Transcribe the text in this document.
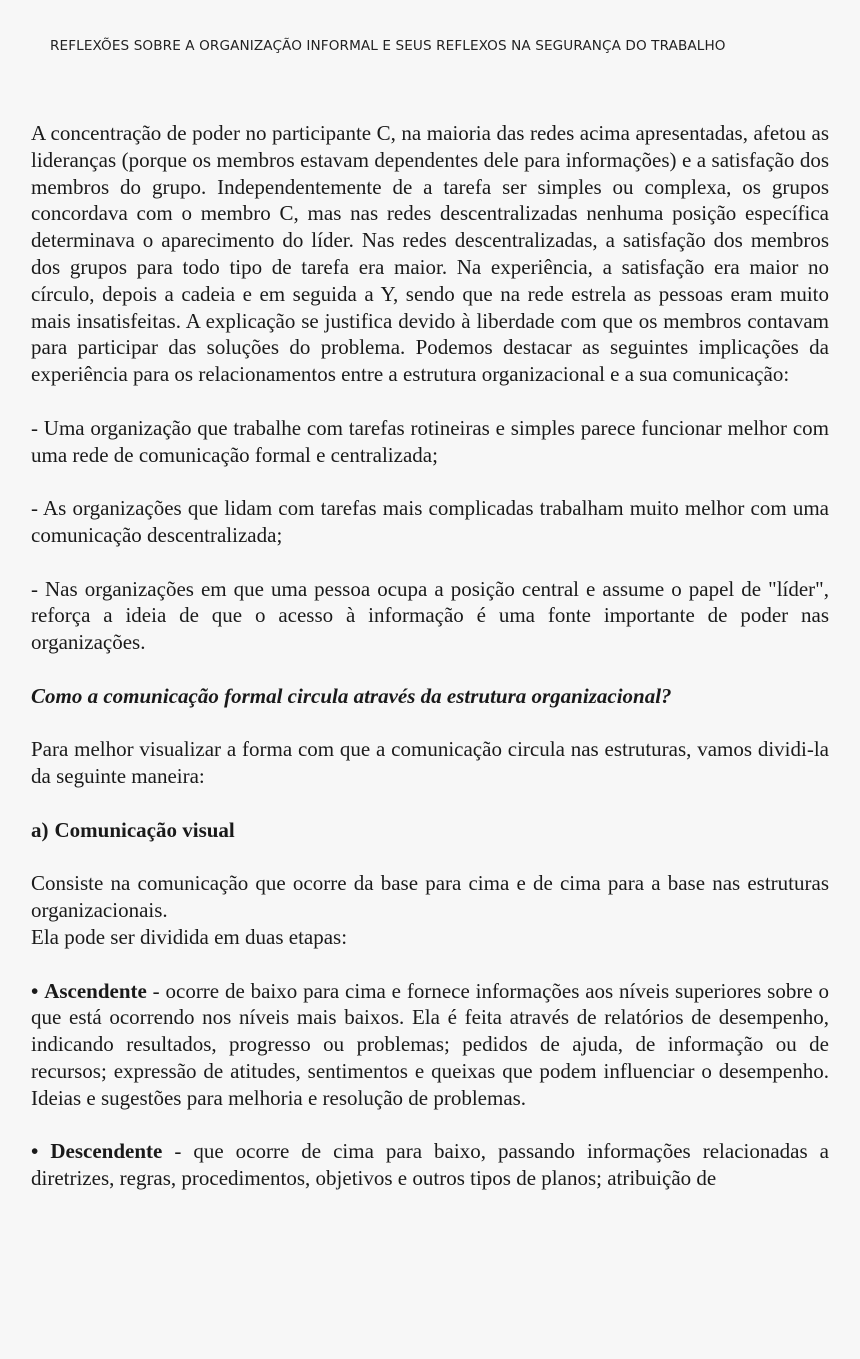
REFLEXÕES SOBRE A ORGANIZAÇÃO INFORMAL E SEUS REFLEXOS NA SEGURANÇA DO TRABALHO

A concentração de poder no participante C, na maioria das redes acima apresentadas, afetou as lideranças (porque os membros estavam dependentes dele para informações) e a satisfação dos membros do grupo. Independentemente de a tarefa ser simples ou complexa, os grupos concordava com o membro C, mas nas redes descentralizadas nenhuma posição específica determinava o aparecimento do líder. Nas redes descentralizadas, a satisfação dos membros dos grupos para todo tipo de tarefa era maior. Na experiência, a satisfação era maior no círculo, depois a cadeia e em seguida a Y, sendo que na rede estrela as pessoas eram muito mais insatisfeitas. A explicação se justifica devido à liberdade com que os membros contavam para participar das soluções do problema. Podemos destacar as seguintes implicações da experiência para os relacionamentos entre a estrutura organizacional e a sua comunicação:

- Uma organização que trabalhe com tarefas rotineiras e simples parece funcionar melhor com uma rede de comunicação formal e centralizada;

- As organizações que lidam com tarefas mais complicadas trabalham muito melhor com uma comunicação descentralizada;

- Nas organizações em que uma pessoa ocupa a posição central e assume o papel de "líder", reforça a ideia de que o acesso à informação é uma fonte importante de poder nas organizações.

Como a comunicação formal circula através da estrutura organizacional?

Para melhor visualizar a forma com que a comunicação circula nas estruturas, vamos dividi-la da seguinte maneira:

a) Comunicação visual

Consiste na comunicação que ocorre da base para cima e de cima para a base nas estruturas organizacionais.

Ela pode ser dividida em duas etapas:

• Ascendente - ocorre de baixo para cima e fornece informações aos níveis superiores sobre o que está ocorrendo nos níveis mais baixos. Ela é feita através de relatórios de desempenho, indicando resultados, progresso ou problemas; pedidos de ajuda, de informação ou de recursos; expressão de atitudes, sentimentos e queixas que podem influenciar o desempenho. Ideias e sugestões para melhoria e resolução de problemas.

• Descendente - que ocorre de cima para baixo, passando informações relacionadas a diretrizes, regras, procedimentos, objetivos e outros tipos de planos; atribuição de
